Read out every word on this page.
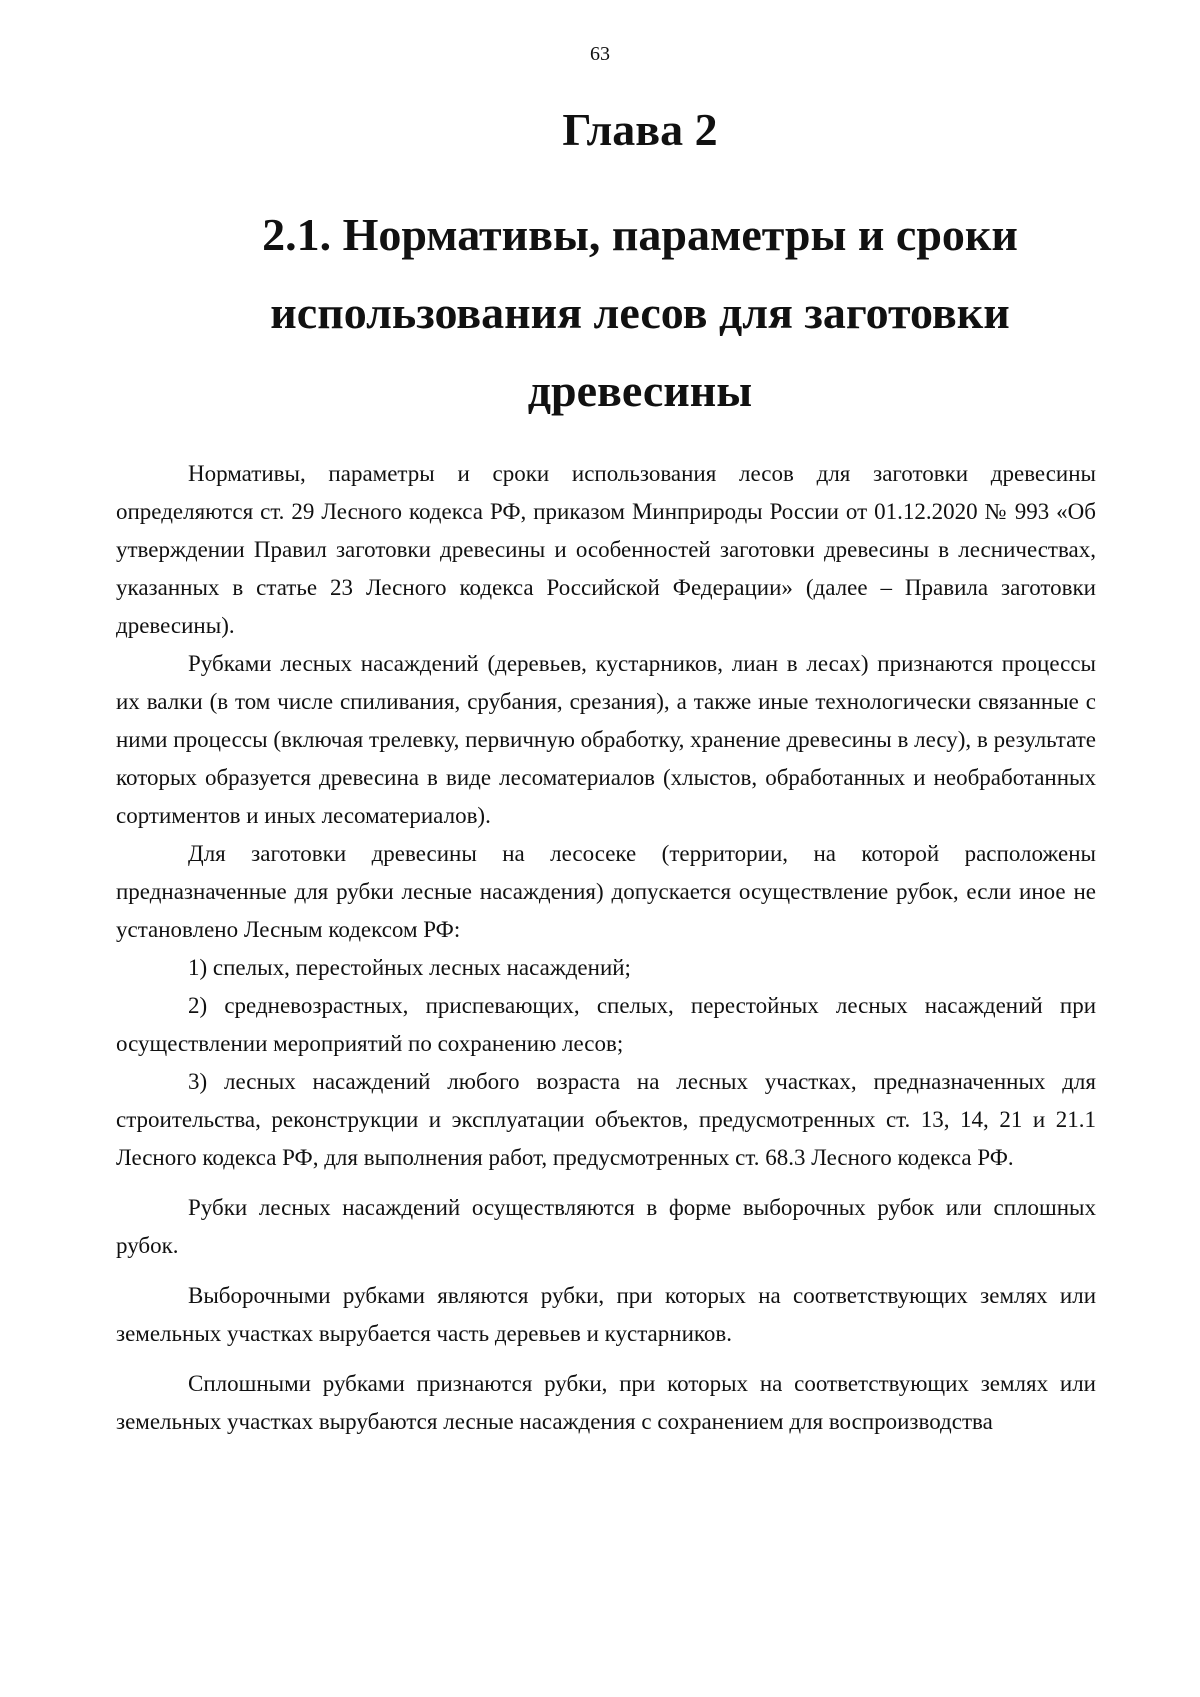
63
Глава 2
2.1. Нормативы, параметры и сроки
использования лесов для заготовки
древесины

Нормативы, параметры и сроки использования лесов для заготовки древесины определяются ст. 29 Лесного кодекса РФ, приказом Минприроды России от 01.12.2020 № 993 «Об утверждении Правил заготовки древесины и особенностей заготовки древесины в лесничествах, указанных в статье 23 Лесного кодекса Российской Федерации» (далее – Правила заготовки древесины).

Рубками лесных насаждений (деревьев, кустарников, лиан в лесах) признаются процессы их валки (в том числе спиливания, срубания, срезания), а также иные технологически связанные с ними процессы (включая трелевку, первичную обработку, хранение древесины в лесу), в результате которых образуется древесина в виде лесоматериалов (хлыстов, обработанных и необработанных сортиментов и иных лесоматериалов).

Для заготовки древесины на лесосеке (территории, на которой расположены предназначенные для рубки лесные насаждения) допускается осуществление рубок, если иное не установлено Лесным кодексом РФ:

1) спелых, перестойных лесных насаждений;

2) средневозрастных, приспевающих, спелых, перестойных лесных насаждений при осуществлении мероприятий по сохранению лесов;

3) лесных насаждений любого возраста на лесных участках, предназначенных для строительства, реконструкции и эксплуатации объектов, предусмотренных ст. 13, 14, 21 и 21.1 Лесного кодекса РФ, для выполнения работ, предусмотренных ст. 68.3 Лесного кодекса РФ.

Рубки лесных насаждений осуществляются в форме выборочных рубок или сплошных рубок.

Выборочными рубками являются рубки, при которых на соответствующих землях или земельных участках вырубается часть деревьев и кустарников.

Сплошными рубками признаются рубки, при которых на соответствующих землях или земельных участках вырубаются лесные насаждения с сохранением для воспроизводства
